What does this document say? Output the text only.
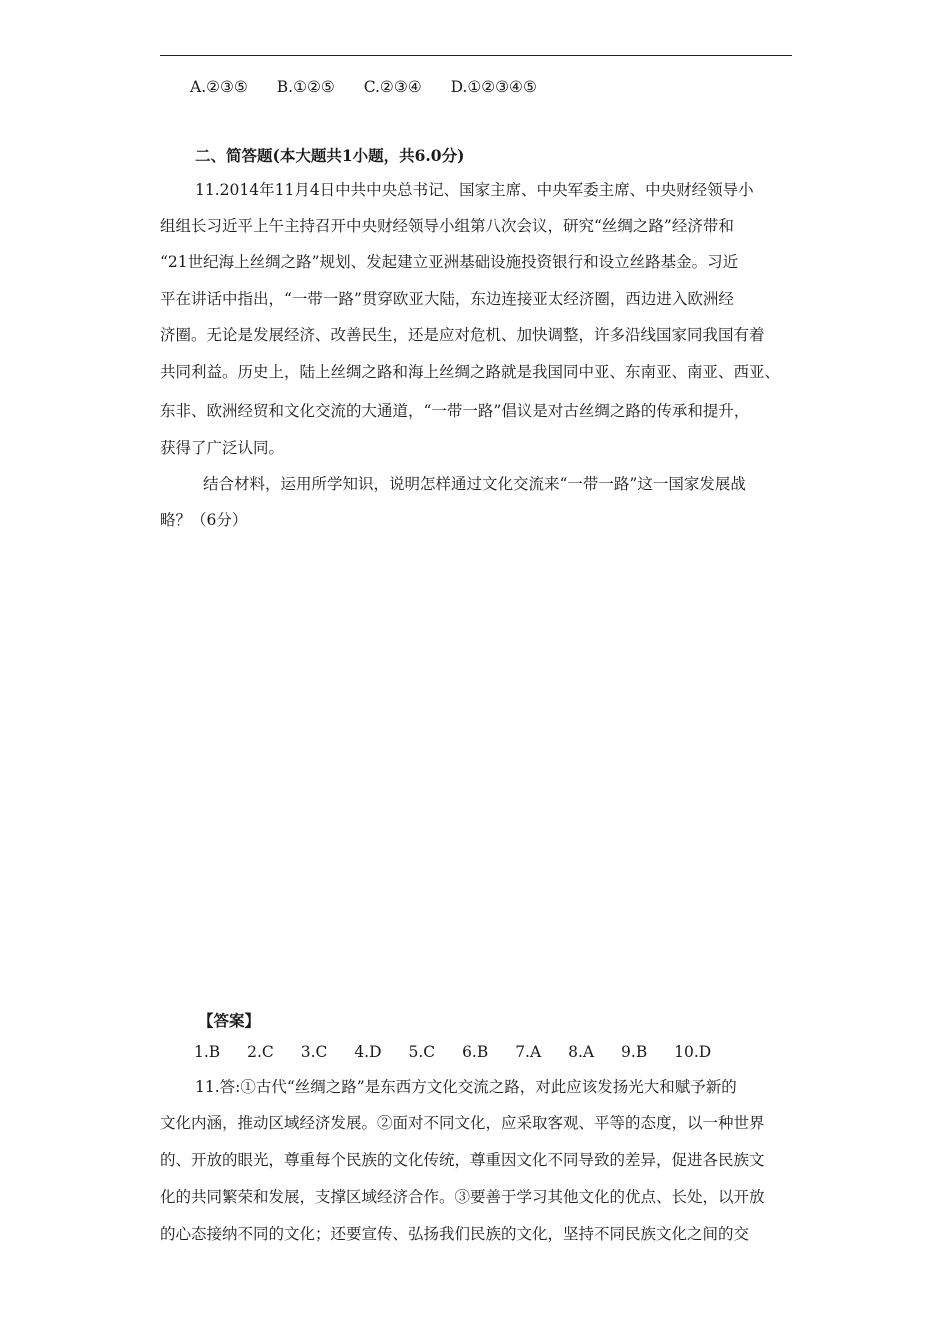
A.②③⑤ B.①②⑤ C.②③④ D.①②③④⑤
二、简答题(本大题共1小题，共6.0分)
11.2014年11月4日中共中央总书记、国家主席、中央军委主席、中央财经领导小
组组长习近平上午主持召开中央财经领导小组第八次会议，研究“丝绸之路”经济带和
“21世纪海上丝绸之路”规划、发起建立亚洲基础设施投资银行和设立丝路基金。习近
平在讲话中指出，“一带一路”贯穿欧亚大陆，东边连接亚太经济圈，西边进入欧洲经
济圈。无论是发展经济、改善民生，还是应对危机、加快调整，许多沿线国家同我国有着
共同利益。历史上，陆上丝绸之路和海上丝绸之路就是我国同中亚、东南亚、南亚、西亚、
东非、欧洲经贸和文化交流的大通道，“一带一路”倡议是对古丝绸之路的传承和提升，
获得了广泛认同。
结合材料，运用所学知识，说明怎样通过文化交流来“一带一路”这一国家发展战
略？（6分）
【答案】
1.B 2.C 3.C 4.D 5.C 6.B 7.A 8.A 9.B 10.D
11.答:①古代“丝绸之路”是东西方文化交流之路，对此应该发扬光大和赋予新的
文化内涵，推动区域经济发展。②面对不同文化，应采取客观、平等的态度，以一种世界
的、开放的眼光，尊重每个民族的文化传统，尊重因文化不同导致的差异，促进各民族文
化的共同繁荣和发展，支撑区域经济合作。③要善于学习其他文化的优点、长处，以开放
的心态接纳不同的文化；还要宣传、弘扬我们民族的文化，坚持不同民族文化之间的交
